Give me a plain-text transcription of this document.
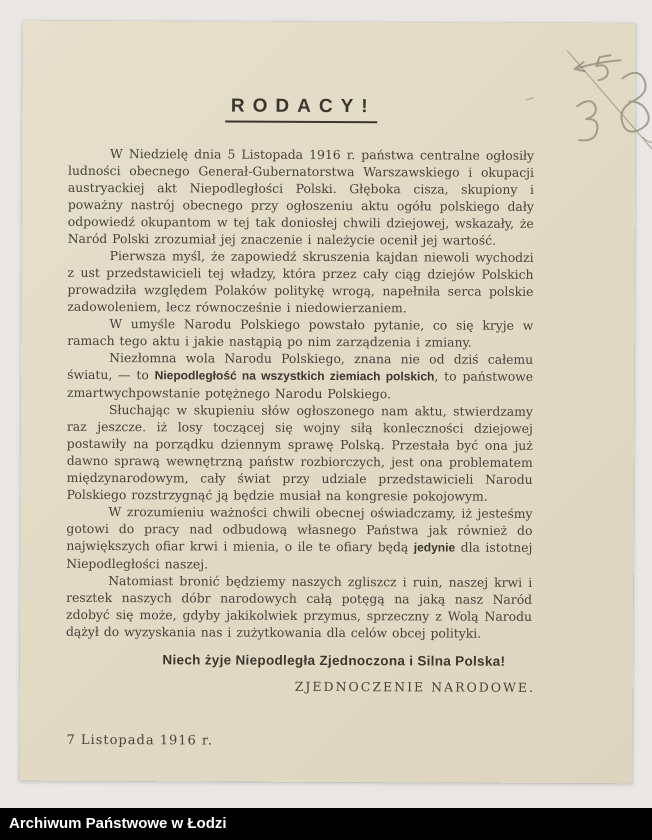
RODACY!

W Niedzielę dnia 5 Listopada 1916 r. państwa centralne ogłosiły ludności obecnego Generał-Gubernatorstwa Warszawskiego i okupacji austryackiej akt Niepodległości Polski. Głęboka cisza, skupiony i poważny nastrój obecnego przy ogłoszeniu aktu ogółu polskiego dały odpowiedź okupantom w tej tak doniosłej chwili dziejowej, wskazały, że Naród Polski zrozumiał jej znaczenie i należycie ocenił jej wartość.

Pierwsza myśl, że zapowiedź skruszenia kajdan niewoli wychodzi z ust przedstawicieli tej władzy, która przez cały ciąg dziejów Polskich prowadziła względem Polaków politykę wrogą, napełniła serca polskie zadowoleniem, lecz równocześnie i niedowierzaniem.

W umyśle Narodu Polskiego powstało pytanie, co się kryje w ramach tego aktu i jakie nastąpią po nim zarządzenia i zmiany.

Niezłomna wola Narodu Polskiego, znana nie od dziś całemu światu, — to Niepodległość na wszystkich ziemiach polskich, to państwowe zmartwychpowstanie potężnego Narodu Polskiego.

Słuchając w skupieniu słów ogłoszonego nam aktu, stwierdzamy raz jeszcze. iż losy toczącej się wojny siłą konleczności dziejowej postawiły na porządku dziennym sprawę Polską. Przestała być ona już dawno sprawą wewnętrzną państw rozbiorczych, jest ona problematem międzynarodowym, cały świat przy udziale przedstawicieli Narodu Polskiego rozstrzygnąć ją będzie musiał na kongresie pokojowym.

W zrozumieniu ważności chwili obecnej oświadczamy, iż jesteśmy gotowi do pracy nad odbudową własnego Państwa jak również do największych ofiar krwi i mienia, o ile te ofiary będą jedynie dla istotnej Niepodległości naszej.

Natomiast bronić będziemy naszych zgliszcz i ruin, naszej krwi i resztek naszych dóbr narodowych całą potęgą na jaką nasz Naród zdobyć się może, gdyby jakikolwiek przymus, sprzeczny z Wolą Narodu dążył do wyzyskania nas i zużytkowania dla celów obcej polityki.

Niech żyje Niepodległa Zjednoczona i Silna Polska!
ZJEDNOCZENIE NARODOWE.
7 Listopada 1916 r.
Archiwum Państwowe w Łodzi
